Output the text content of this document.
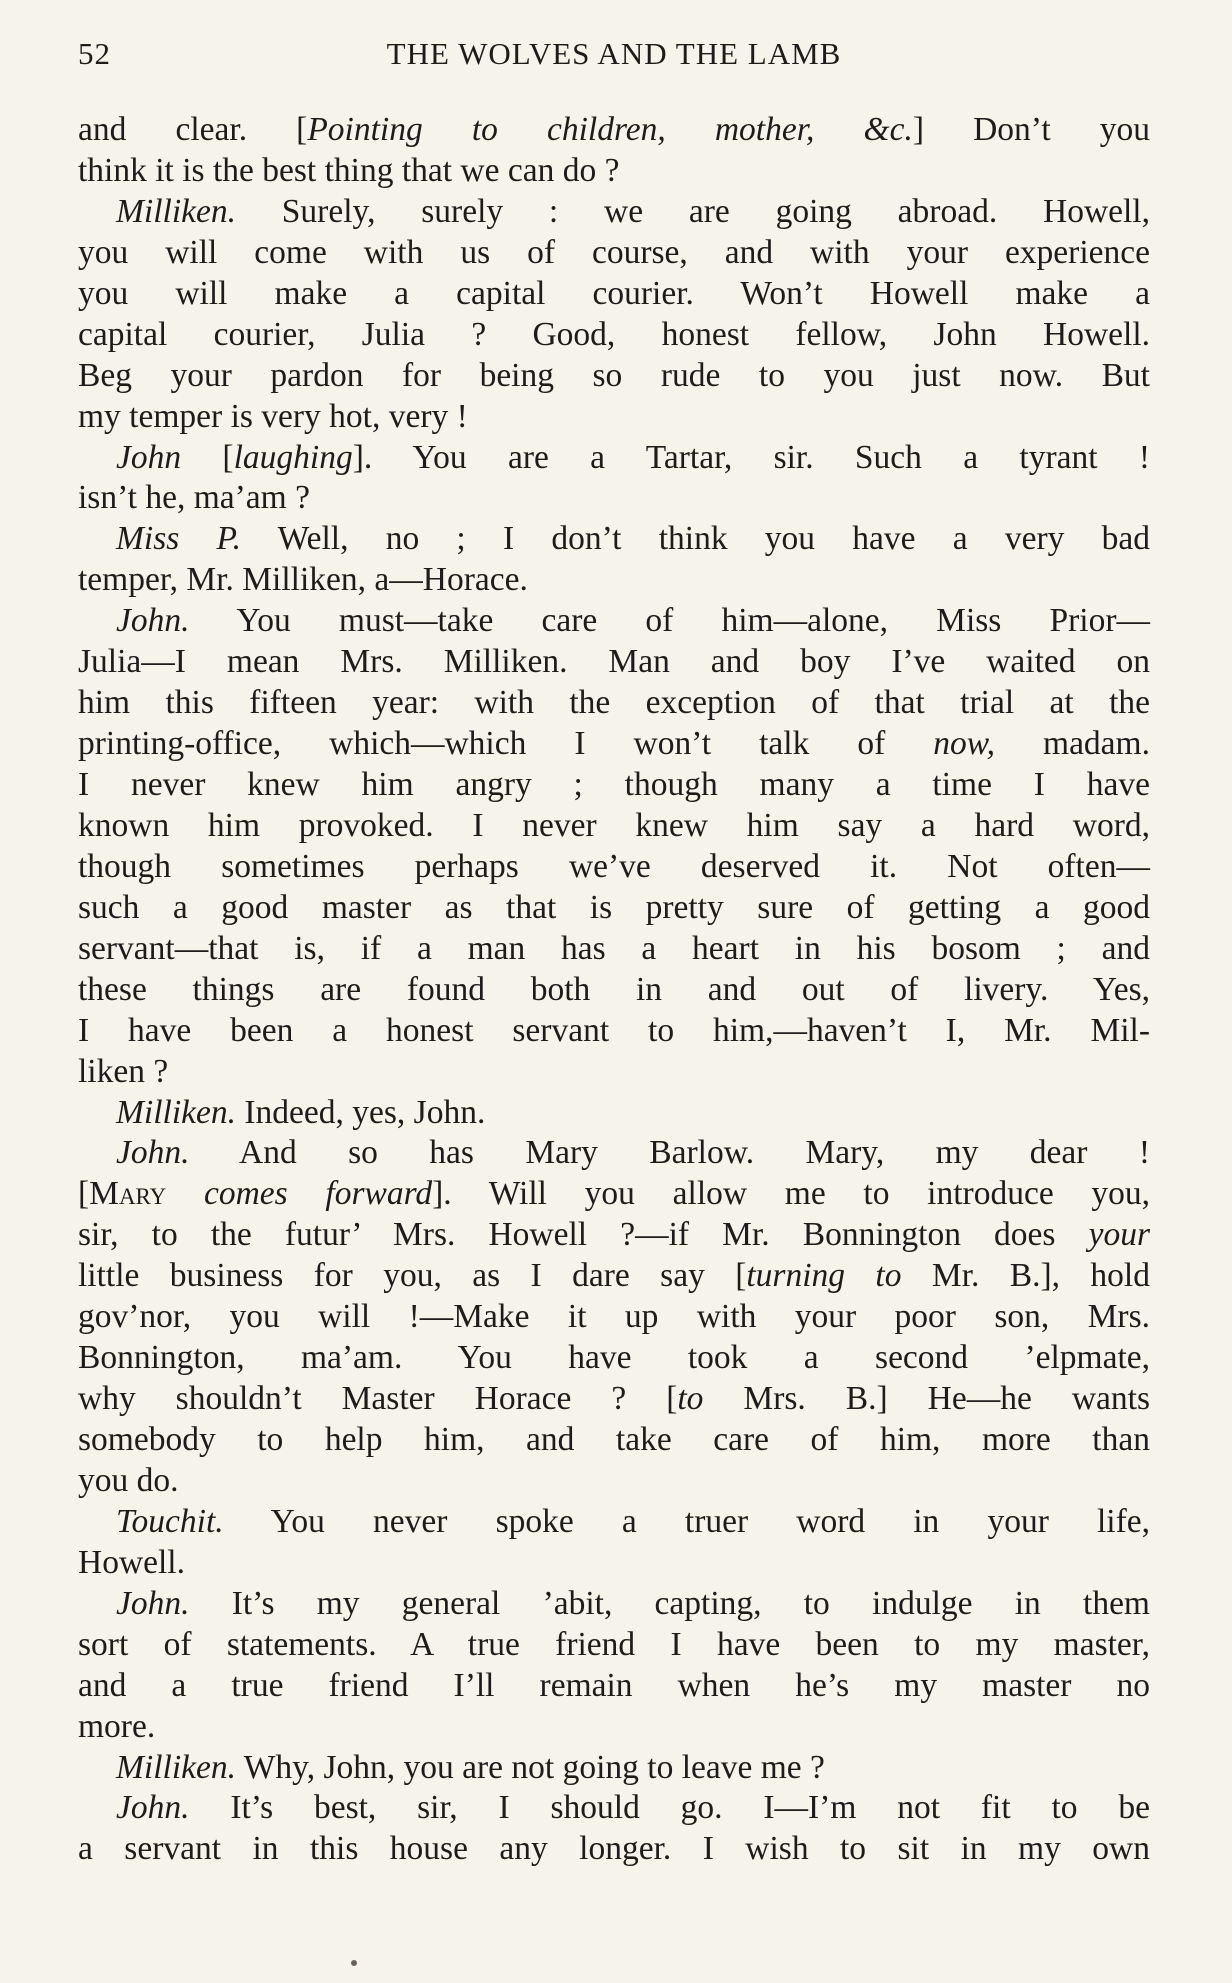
52	THE WOLVES AND THE LAMB
and clear. [Pointing to children, mother, &c.] Don’t you
think it is the best thing that we can do ?
Milliken. Surely, surely : we are going abroad. Howell,
you will come with us of course, and with your experience
you will make a capital courier. Won’t Howell make a
capital courier, Julia ? Good, honest fellow, John Howell.
Beg your pardon for being so rude to you just now. But
my temper is very hot, very !
John [laughing]. You are a Tartar, sir. Such a tyrant !
isn’t he, ma’am ?
Miss P. Well, no ; I don’t think you have a very bad
temper, Mr. Milliken, a—Horace.
John. You must—take care of him—alone, Miss Prior—
Julia—I mean Mrs. Milliken. Man and boy I’ve waited on
him this fifteen year: with the exception of that trial at the
printing-office, which—which I won’t talk of now, madam.
I never knew him angry ; though many a time I have
known him provoked. I never knew him say a hard word,
though sometimes perhaps we’ve deserved it. Not often—
such a good master as that is pretty sure of getting a good
servant—that is, if a man has a heart in his bosom ; and
these things are found both in and out of livery. Yes,
I have been a honest servant to him,—haven’t I, Mr. Mil-
liken ?
Milliken. Indeed, yes, John.
John. And so has Mary Barlow. Mary, my dear !
[Mary comes forward]. Will you allow me to introduce you,
sir, to the futur’ Mrs. Howell ?—if Mr. Bonnington does your
little business for you, as I dare say [turning to Mr. B.], hold
gov’nor, you will !—Make it up with your poor son, Mrs.
Bonnington, ma’am. You have took a second ’elpmate,
why shouldn’t Master Horace ? [to Mrs. B.] He—he wants
somebody to help him, and take care of him, more than
you do.
Touchit. You never spoke a truer word in your life,
Howell.
John. It’s my general ’abit, capting, to indulge in them
sort of statements. A true friend I have been to my master,
and a true friend I’ll remain when he’s my master no
more.
Milliken. Why, John, you are not going to leave me ?
John. It’s best, sir, I should go. I—I’m not fit to be
a servant in this house any longer. I wish to sit in my own
